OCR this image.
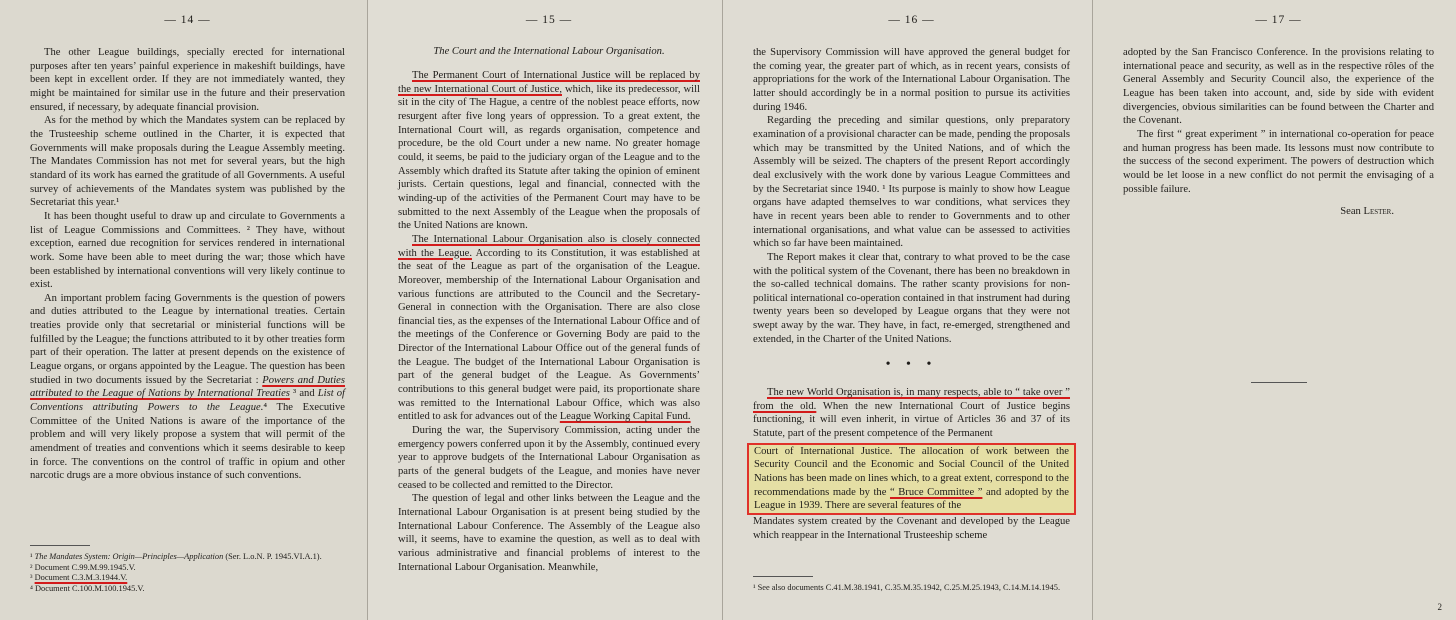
— 14 —

The other League buildings, specially erected for international purposes after ten years’ painful experience in makeshift buildings, have been kept in excellent order. If they are not immediately wanted, they might be maintained for similar use in the future and their preservation ensured, if necessary, by adequate financial provision.

As for the method by which the Mandates system can be replaced by the Trusteeship scheme outlined in the Charter, it is expected that Governments will make proposals during the League Assembly meeting. The Mandates Commission has not met for several years, but the high standard of its work has earned the gratitude of all Governments. A useful survey of achievements of the Mandates system was published by the Secretariat this year.¹

It has been thought useful to draw up and circulate to Governments a list of League Commissions and Committees. ² They have, without exception, earned due recognition for services rendered in international work. Some have been able to meet during the war; those which have been established by international conventions will very likely continue to exist.

An important problem facing Governments is the question of powers and duties attributed to the League by international treaties. Certain treaties provide only that secretarial or ministerial functions will be fulfilled by the League; the functions attributed to it by other treaties form part of their operation. The latter at present depends on the existence of League organs, or organs appointed by the League. The question has been studied in two documents issued by the Secretariat : Powers and Duties attributed to the League of Nations by International Treaties ³ and List of Conventions attributing Powers to the League.⁴ The Executive Committee of the United Nations is aware of the importance of the problem and will very likely propose a system that will permit of the amendment of treaties and conventions which it seems desirable to keep in force. The conventions on the control of traffic in opium and other narcotic drugs are a more obvious instance of such conventions.

¹ The Mandates System: Origin—Principles—Application (Ser. L.o.N. P. 1945.VI.A.1).
² Document C.99.M.99.1945.V.
³ Document C.3.M.3.1944.V.
⁴ Document C.100.M.100.1945.V.
— 15 —
The Court and the International Labour Organisation.

The Permanent Court of International Justice will be replaced by the new International Court of Justice, which, like its predecessor, will sit in the city of The Hague, a centre of the noblest peace efforts, now resurgent after five long years of oppression. To a great extent, the International Court will, as regards organisation, competence and procedure, be the old Court under a new name. No greater homage could, it seems, be paid to the judiciary organ of the League and to the Assembly which drafted its Statute after taking the opinion of eminent jurists. Certain questions, legal and financial, connected with the winding-up of the activities of the Permanent Court may have to be submitted to the next Assembly of the League when the proposals of the United Nations are known.

The International Labour Organisation also is closely connected with the League. According to its Constitution, it was established at the seat of the League as part of the organisation of the League. Moreover, membership of the International Labour Organisation and various functions are attributed to the Council and the Secretary-General in connection with the Organisation. There are also close financial ties, as the expenses of the International Labour Office and of the meetings of the Conference or Governing Body are paid to the Director of the International Labour Office out of the general funds of the League. The budget of the International Labour Organisation is part of the general budget of the League. As Governments’ contributions to this general budget were paid, its proportionate share was remitted to the International Labour Office, which was also entitled to ask for advances out of the League Working Capital Fund.

During the war, the Supervisory Commission, acting under the emergency powers conferred upon it by the Assembly, continued every year to approve budgets of the International Labour Organisation as parts of the general budgets of the League, and monies have never ceased to be collected and remitted to the Director.

The question of legal and other links between the League and the International Labour Organisation is at present being studied by the International Labour Conference. The Assembly of the League also will, it seems, have to examine the question, as well as to deal with various administrative and financial problems of interest to the International Labour Organisation. Meanwhile,

— 16 —

the Supervisory Commission will have approved the general budget for the coming year, the greater part of which, as in recent years, consists of appropriations for the work of the International Labour Organisation. The latter should accordingly be in a normal position to pursue its activities during 1946.

Regarding the preceding and similar questions, only preparatory examination of a provisional character can be made, pending the proposals which may be transmitted by the United Nations, and of which the Assembly will be seized. The chapters of the present Report accordingly deal exclusively with the work done by various League Committees and by the Secretariat since 1940. ¹ Its purpose is mainly to show how League organs have adapted themselves to war conditions, what services they have in recent years been able to render to Governments and to other international organisations, and what value can be assessed to activities which so far have been maintained.

The Report makes it clear that, contrary to what proved to be the case with the political system of the Covenant, there has been no breakdown in the so-called technical domains. The rather scanty provisions for non-political international co-operation contained in that instrument had during twenty years been so developed by League organs that they were not swept away by the war. They have, in fact, re-emerged, strengthened and extended, in the Charter of the United Nations.

• • •

The new World Organisation is, in many respects, able to “ take over ” from the old. When the new International Court of Justice begins functioning, it will even inherit, in virtue of Articles 36 and 37 of its Statute, part of the present competence of the Permanent

Court of International Justice. The allocation of work between the Security Council and the Economic and Social Council of the United Nations has been made on lines which, to a great extent, correspond to the recommendations made by the “ Bruce Committee ” and adopted by the League in 1939. There are several features of the

Mandates system created by the Covenant and developed by the League which reappear in the International Trusteeship scheme

¹ See also documents C.41.M.38.1941, C.35.M.35.1942, C.25.M.25.1943, C.14.M.14.1945.
— 17 —

adopted by the San Francisco Conference. In the provisions relating to international peace and security, as well as in the respective rôles of the General Assembly and Security Council also, the experience of the League has been taken into account, and, side by side with evident divergencies, obvious similarities can be found between the Charter and the Covenant.

The first “ great experiment ” in international co-operation for peace and human progress has been made. Its lessons must now contribute to the success of the second experiment. The powers of destruction which would be let loose in a new conflict do not permit the envisaging of a possible failure.

Sean Lester.
2
